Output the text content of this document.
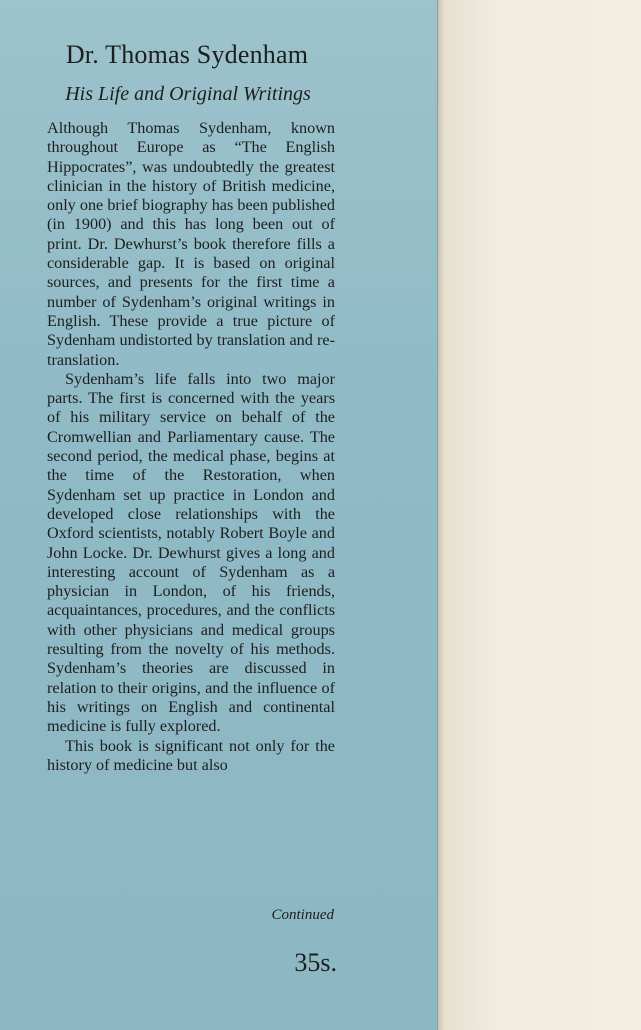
Dr. Thomas Sydenham
His Life and Original Writings

Although Thomas Sydenham, known throughout Europe as “The English Hippocrates”, was undoubtedly the greatest clinician in the history of British medicine, only one brief biography has been published (in 1900) and this has long been out of print. Dr. Dewhurst’s book therefore fills a considerable gap. It is based on original sources, and presents for the first time a number of Sydenham’s original writings in English. These provide a true picture of Sydenham undistorted by translation and re-translation.

Sydenham’s life falls into two major parts. The first is concerned with the years of his military service on behalf of the Cromwellian and Parliamentary cause. The second period, the medical phase, begins at the time of the Restoration, when Sydenham set up practice in London and developed close relationships with the Oxford scientists, notably Robert Boyle and John Locke. Dr. Dewhurst gives a long and interesting account of Sydenham as a physician in London, of his friends, acquaintances, procedures, and the conflicts with other physicians and medical groups resulting from the novelty of his methods. Sydenham’s theories are discussed in relation to their origins, and the influence of his writings on English and continental medicine is fully explored.

This book is significant not only for the history of medicine but also

Continued
35s.
